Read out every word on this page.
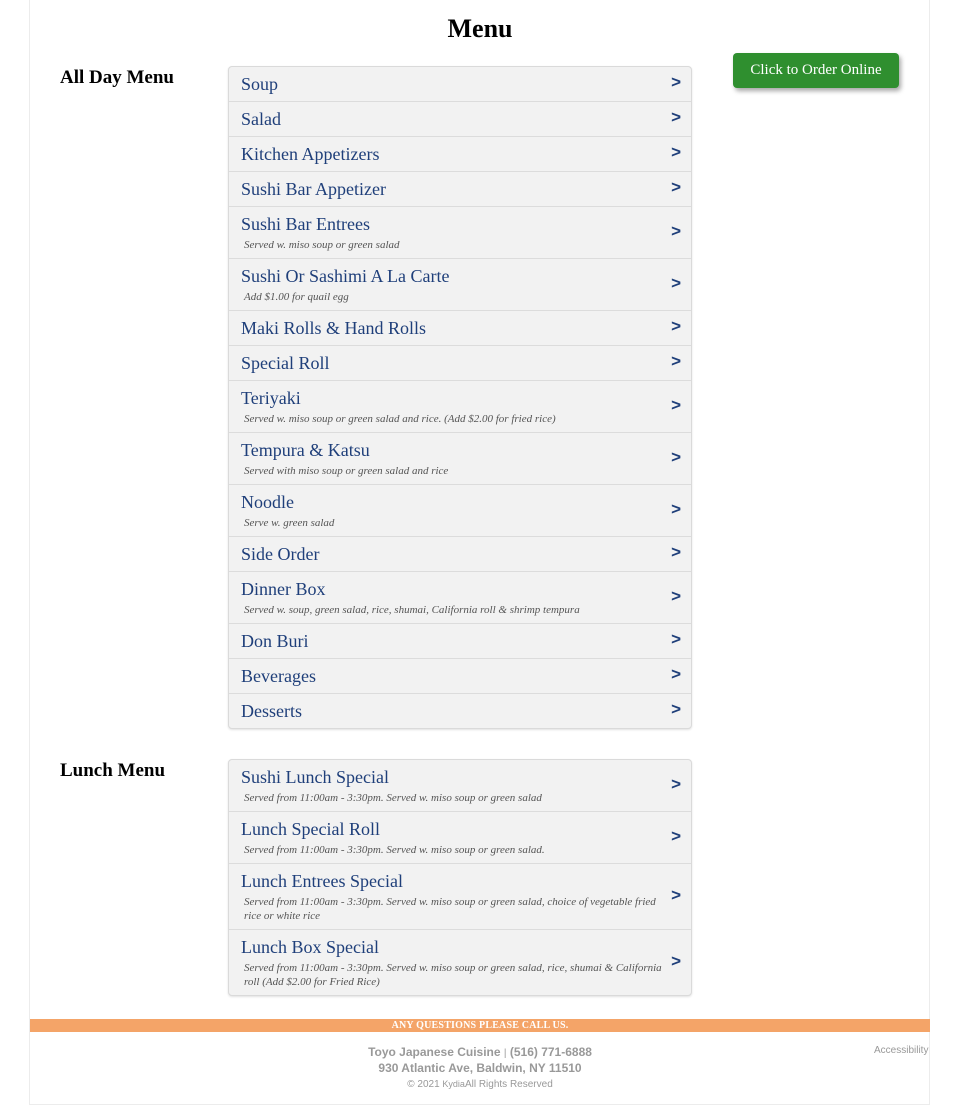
Menu
Click to Order Online
All Day Menu	Soup	>
Salad	>
Kitchen Appetizers	>
Sushi Bar Appetizer	>
Sushi Bar Entrees
Served w. miso soup or green salad
>
Sushi Or Sashimi A La Carte
Add $1.00 for quail egg
>
Maki Rolls & Hand Rolls	>
Special Roll	>
Teriyaki
Served w. miso soup or green salad and rice. (Add $2.00 for fried rice)
>
Tempura & Katsu
Served with miso soup or green salad and rice
>
Noodle
Serve w. green salad
>
Side Order	>
Dinner Box
Served w. soup, green salad, rice, shumai, California roll & shrimp tempura
>
Don Buri	>
Beverages	>
Desserts	>
Lunch Menu	Sushi Lunch Special
Served from 11:00am - 3:30pm. Served w. miso soup or green salad
>
Lunch Special Roll
Served from 11:00am - 3:30pm. Served w. miso soup or green salad.
>
Lunch Entrees Special
Served from 11:00am - 3:30pm. Served w. miso soup or green salad, choice of vegetable fried rice or white rice
>
Lunch Box Special
Served from 11:00am - 3:30pm. Served w. miso soup or green salad, rice, shumai & California roll (Add $2.00 for Fried Rice)
>
ANY QUESTIONS PLEASE CALL US.
Toyo Japanese Cuisine | (516) 771-6888
930 Atlantic Ave, Baldwin, NY 11510
© 2021 KydiaAll Rights Reserved
Accessibility
